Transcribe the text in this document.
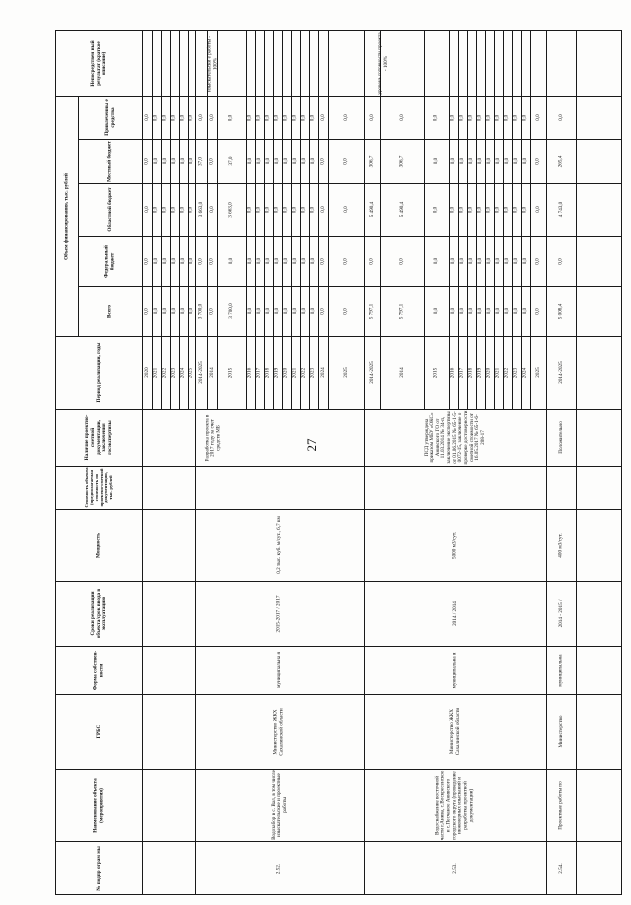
27
№ подпр ограм мы
Наименование объекта (мероприятия)
ГРБС
Форма собствен- ности
Сроки реализации объекта/срок ввода в эксплуатацию
Мощность
Стоимость объекта (предполагаемая стоимость по проектно-сметной документации, тыс. рублей
Наличие проектно-сметной документации, заключения госэкспертизы
Период реализации, годы
Объем финансирования, тыс. рублей
Всего
Федеральный бюджет
Областной бюджет
Местный бюджет
Привлеченны е средства
Непосредствен ный результат (краткое описание)
2020
0,0
0,0
0,0
0,0
0,0
2021
0,0
0,0
0,0
0,0
0,0
2022
0,0
0,0
0,0
0,0
0,0
2023
0,0
0,0
0,0
0,0
0,0
2024
0,0
0,0
0,0
0,0
0,0
2025
0,0
0,0
0,0
0,0
0,0
2.52.
Водозабор в с. Вал, в том числе изыскательские и проектные работы
Министерство ЖКХ Сахалинской области
муниципальна я
2015-2017 / 2017
0,2 тыс. куб. м/сут., 6,7 км
Разработка проекта в 2017 году за счет средств МБ
изыскательски е работы - 100%
2014-2025
3 700,0
0,0
3 663,0
37,0
0,0
2014
0,0
0,0
0,0
0,0
0,0
2015
3 700,0
0,0
3 663,0
37,0
0,0
2016
0,0
0,0
0,0
0,0
0,0
2017
0,0
0,0
0,0
0,0
0,0
2018
0,0
0,0
0,0
0,0
0,0
2019
0,0
0,0
0,0
0,0
0,0
2020
0,0
0,0
0,0
0,0
0,0
2021
0,0
0,0
0,0
0,0
0,0
2022
0,0
0,0
0,0
0,0
0,0
2023
0,0
0,0
0,0
0,0
0,0
2024
0,0
0,0
0,0
0,0
0,0
2025
0,0
0,0
0,0
0,0
0,0
2.53.
Водоснабжение восточной части г.Анива, с.Воскресенское и с.Песчаное Анивского городского округа (проведение инженерных изысканий и разработка проектной документации)
Министерство ЖКХ Сахалинской области
муниципальна я
2014 / 2014
5000 м3/сут.
ПСД утверждена приказом МБУ «ОКС» Анивского ГО от 11.03.2014 № 34-п, заключение экспертизы от 01.06.2015 № 65-1-5-0072-15, заключение о проверке достоверности сметной стоимости от 16.05.2017 № 65-1-6-208-17
уровень готовности проекта - 100%
2014-2025
5 797,1
0,0
5 490,4
306,7
0,0
2014
5 797,1
0,0
5 490,4
306,7
0,0
2015
0,0
0,0
0,0
0,0
0,0
2016
0,0
0,0
0,0
0,0
0,0
2017
0,0
0,0
0,0
0,0
0,0
2018
0,0
0,0
0,0
0,0
0,0
2019
0,0
0,0
0,0
0,0
0,0
2020
0,0
0,0
0,0
0,0
0,0
2021
0,0
0,0
0,0
0,0
0,0
2022
0,0
0,0
0,0
0,0
0,0
2023
0,0
0,0
0,0
0,0
0,0
2024
0,0
0,0
0,0
0,0
0,0
2025
0,0
0,0
0,0
0,0
0,0
2.54.
Проектные работы по
Министерство
муниципальна
2014 - 2015 /
400 м3/сут.
Положительно
2014-2025
5 008,4
0,0
4 743,0
265,4
0,0
